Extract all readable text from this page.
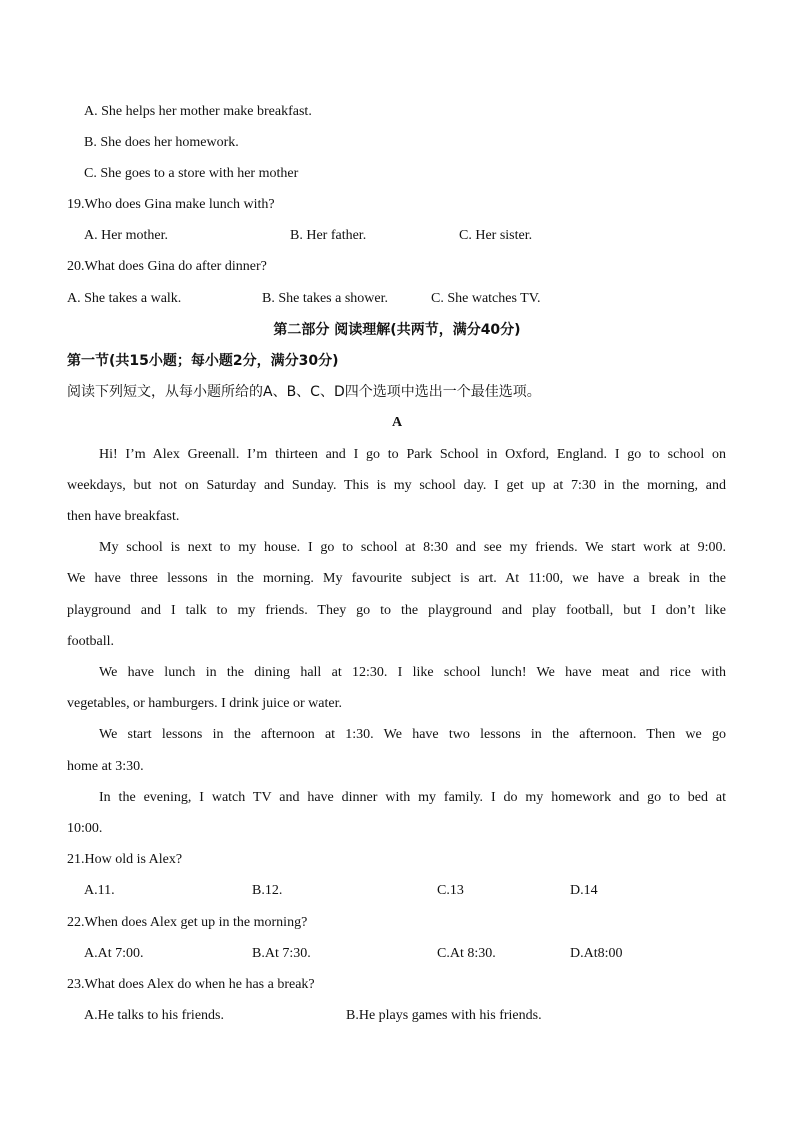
A. She helps her mother make breakfast.
B. She does her homework.
C. She goes to a store with her mother
19.Who does Gina make lunch with?
A. Her mother.	B. Her father.	C. Her sister.
20.What does Gina do after dinner?
A. She takes a walk.	B. She takes a shower.	C. She watches TV.
第二部分 阅读理解(共两节，满分40分)
第一节(共15小题；每小题2分，满分30分)
阅读下列短文，从每小题所给的A、B、C、D四个选项中选出一个最佳选项。
A
Hi! I’m Alex Greenall. I’m thirteen and I go to Park School in Oxford, England. I go to school on
weekdays, but not on Saturday and Sunday. This is my school day. I get up at 7:30 in the morning, and
then have breakfast.
My school is next to my house. I go to school at 8:30 and see my friends. We start work at 9:00.
We have three lessons in the morning. My favourite subject is art. At 11:00, we have a break in the
playground and I talk to my friends. They go to the playground and play football, but I don’t like
football.
We have lunch in the dining hall at 12:30. I like school lunch! We have meat and rice with
vegetables, or hamburgers. I drink juice or water.
We start lessons in the afternoon at 1:30. We have two lessons in the afternoon. Then we go
home at 3:30.
In the evening, I watch TV and have dinner with my family. I do my homework and go to bed at
10:00.
21.How old is Alex?
A.11.	B.12.	C.13	D.14
22.When does Alex get up in the morning?
A.At 7:00.	B.At 7:30.	C.At 8:30.	D.At8:00
23.What does Alex do when he has a break?
A.He talks to his friends.	B.He plays games with his friends.
